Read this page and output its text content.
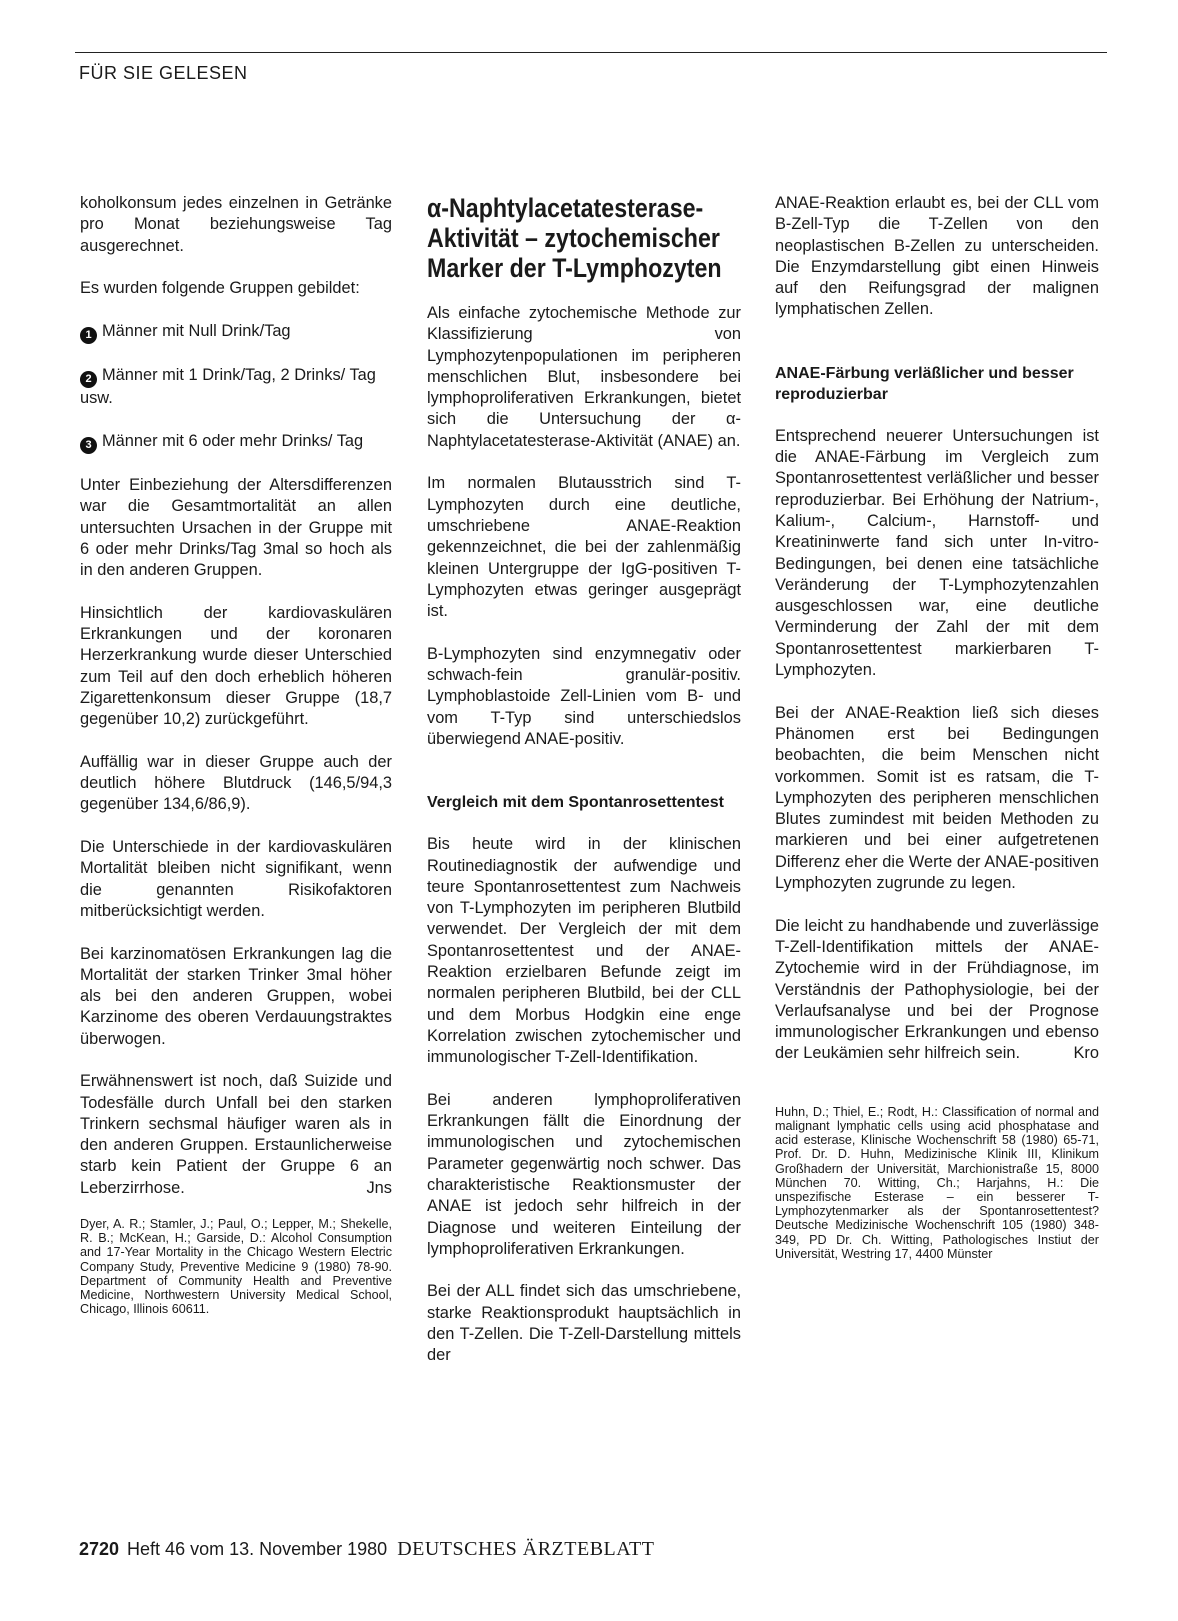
FÜR SIE GELESEN

koholkonsum jedes einzelnen in Getränke pro Monat beziehungsweise Tag ausgerechnet.

Es wurden folgende Gruppen gebildet:

1 Männer mit Null Drink/Tag
2 Männer mit 1 Drink/Tag, 2 Drinks/ Tag usw.
3 Männer mit 6 oder mehr Drinks/ Tag

Unter Einbeziehung der Altersdifferenzen war die Gesamtmortalität an allen untersuchten Ursachen in der Gruppe mit 6 oder mehr Drinks/Tag 3mal so hoch als in den anderen Gruppen.

Hinsichtlich der kardiovaskulären Erkrankungen und der koronaren Herzerkrankung wurde dieser Unterschied zum Teil auf den doch erheblich höheren Zigarettenkonsum dieser Gruppe (18,7 gegenüber 10,2) zurückgeführt.

Auffällig war in dieser Gruppe auch der deutlich höhere Blutdruck (146,5/94,3 gegenüber 134,6/86,9).

Die Unterschiede in der kardiovaskulären Mortalität bleiben nicht signifikant, wenn die genannten Risikofaktoren mitberücksichtigt werden.

Bei karzinomatösen Erkrankungen lag die Mortalität der starken Trinker 3mal höher als bei den anderen Gruppen, wobei Karzinome des oberen Verdauungstraktes überwogen.

Erwähnenswert ist noch, daß Suizide und Todesfälle durch Unfall bei den starken Trinkern sechsmal häufiger waren als in den anderen Gruppen. Erstaunlicherweise starb kein Patient der Gruppe 6 an Leberzirrhose.	Jns

Dyer, A. R.; Stamler, J.; Paul, O.; Lepper, M.; Shekelle, R. B.; McKean, H.; Garside, D.: Alcohol Consumption and 17-Year Mortality in the Chicago Western Electric Company Study, Preventive Medicine 9 (1980) 78-90. Department of Community Health and Preventive Medicine, Northwestern University Medical School, Chicago, Illinois 60611.
α-Naphtylacetatesterase-Aktivität – zytochemischer Marker der T-Lymphozyten

Als einfache zytochemische Methode zur Klassifizierung von Lymphozytenpopulationen im peripheren menschlichen Blut, insbesondere bei lymphoproliferativen Erkrankungen, bietet sich die Untersuchung der α-Naphtylacetatesterase-Aktivität (ANAE) an.

Im normalen Blutausstrich sind T-Lymphozyten durch eine deutliche, umschriebene ANAE-Reaktion gekennzeichnet, die bei der zahlenmäßig kleinen Untergruppe der IgG-positiven T-Lymphozyten etwas geringer ausgeprägt ist.

B-Lymphozyten sind enzymnegativ oder schwach-fein granulär-positiv. Lymphoblastoide Zell-Linien vom B- und vom T-Typ sind unterschiedslos überwiegend ANAE-positiv.

Vergleich mit dem Spontanrosettentest

Bis heute wird in der klinischen Routinediagnostik der aufwendige und teure Spontanrosettentest zum Nachweis von T-Lymphozyten im peripheren Blutbild verwendet. Der Vergleich der mit dem Spontanrosettentest und der ANAE-Reaktion erzielbaren Befunde zeigt im normalen peripheren Blutbild, bei der CLL und dem Morbus Hodgkin eine enge Korrelation zwischen zytochemischer und immunologischer T-Zell-Identifikation.

Bei anderen lymphoproliferativen Erkrankungen fällt die Einordnung der immunologischen und zytochemischen Parameter gegenwärtig noch schwer. Das charakteristische Reaktionsmuster der ANAE ist jedoch sehr hilfreich in der Diagnose und weiteren Einteilung der lymphoproliferativen Erkrankungen.

Bei der ALL findet sich das umschriebene, starke Reaktionsprodukt hauptsächlich in den T-Zellen. Die T-Zell-Darstellung mittels der

ANAE-Reaktion erlaubt es, bei der CLL vom B-Zell-Typ die T-Zellen von den neoplastischen B-Zellen zu unterscheiden. Die Enzymdarstellung gibt einen Hinweis auf den Reifungsgrad der malignen lymphatischen Zellen.

ANAE-Färbung verläßlicher und besser reproduzierbar

Entsprechend neuerer Untersuchungen ist die ANAE-Färbung im Vergleich zum Spontanrosettentest verläßlicher und besser reproduzierbar. Bei Erhöhung der Natrium-, Kalium-, Calcium-, Harnstoff- und Kreatininwerte fand sich unter In-vitro-Bedingungen, bei denen eine tatsächliche Veränderung der T-Lymphozytenzahlen ausgeschlossen war, eine deutliche Verminderung der Zahl der mit dem Spontanrosettentest markierbaren T-Lymphozyten.

Bei der ANAE-Reaktion ließ sich dieses Phänomen erst bei Bedingungen beobachten, die beim Menschen nicht vorkommen. Somit ist es ratsam, die T-Lymphozyten des peripheren menschlichen Blutes zumindest mit beiden Methoden zu markieren und bei einer aufgetretenen Differenz eher die Werte der ANAE-positiven Lymphozyten zugrunde zu legen.

Die leicht zu handhabende und zuverlässige T-Zell-Identifikation mittels der ANAE-Zytochemie wird in der Frühdiagnose, im Verständnis der Pathophysiologie, bei der Verlaufsanalyse und bei der Prognose immunologischer Erkrankungen und ebenso der Leukämien sehr hilfreich sein.	Kro

Huhn, D.; Thiel, E.; Rodt, H.: Classification of normal and malignant lymphatic cells using acid phosphatase and acid esterase, Klinische Wochenschrift 58 (1980) 65-71, Prof. Dr. D. Huhn, Medizinische Klinik III, Klinikum Großhadern der Universität, Marchionistraße 15, 8000 München 70. Witting, Ch.; Harjahns, H.: Die unspezifische Esterase – ein besserer T-Lymphozytenmarker als der Spontanrosettentest? Deutsche Medizinische Wochenschrift 105 (1980) 348-349, PD Dr. Ch. Witting, Pathologisches Instiut der Universität, Westring 17, 4400 Münster
2720 Heft 46 vom 13. November 1980 DEUTSCHES ÄRZTEBLATT
